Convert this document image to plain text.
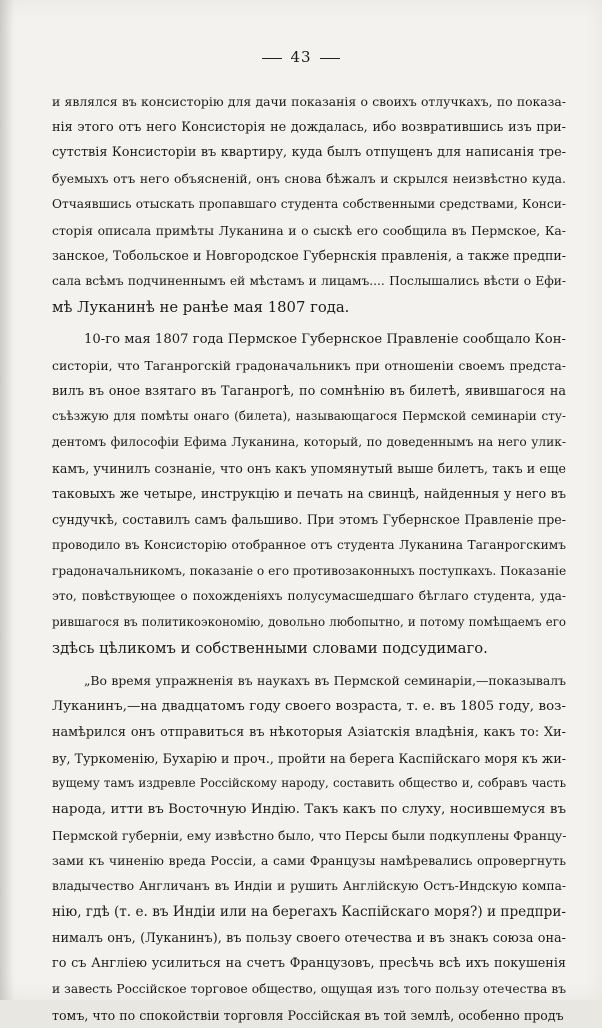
43

и являлся въ консисторію для дачи показанія о своихъ отлучкахъ, по показа-
нія этого отъ него Консисторія не дождалась, ибо возвратившись изъ при-
сутствія Консисторіи въ квартиру, куда былъ отпущенъ для написанія тре-
буемыхъ отъ него объясненій, онъ снова бѣжалъ и скрылся неизвѣстно куда.
Отчаявшись отыскать пропавшаго студента собственными средствами, Конси-
сторія описала примѣты Луканина и о сыскѣ его сообщила въ Пермское, Ка-
занское, Тобольское и Новгородское Губернскія правленія, а также предпи-
сала всѣмъ подчиненнымъ ей мѣстамъ и лицамъ.... Послышались вѣсти о Ефи-
мѣ Луканинѣ не ранѣе мая 1807 года.

10-го мая 1807 года Пермское Губернское Правленіе сообщало Кон-
систоріи, что Таганрогскій градоначальникъ при отношеніи своемъ предста-
вилъ въ оное взятаго въ Таганрогѣ, по сомнѣнію въ билетѣ, явившагося на
съѣзжую для помѣты онаго (билета), называющагося Пермской семинаріи сту-
дентомъ философіи Ефима Луканина, который, по доведеннымъ на него улик-
камъ, учинилъ сознаніе, что онъ какъ упомянутый выше билетъ, такъ и еще
таковыхъ же четыре, инструкцію и печать на свинцѣ, найденныя у него въ
сундучкѣ, составилъ самъ фальшиво. При этомъ Губернское Правленіе пре-
проводило въ Консисторію отобранное отъ студента Луканина Таганрогскимъ
градоначальникомъ, показаніе о его противозаконныхъ поступкахъ. Показаніе
это, повѣствующее о похожденіяхъ полусумасшедшаго бѣглаго студента, уда-
рившагося въ политикоэкономію, довольно любопытно, и потому помѣщаемъ его
здѣсь цѣликомъ и собственными словами подсудимаго.

„Во время упражненія въ наукахъ въ Пермской семинаріи,—показывалъ
Луканинъ,—на двадцатомъ году своего возраста, т. е. въ 1805 году, воз-
намѣрился онъ отправиться въ нѣкоторыя Азіатскія владѣнія, какъ то: Хи-
ву, Туркоменію, Бухарію и проч., пройти на берега Каспійскаго моря къ жи-
вущему тамъ издревле Россійскому народу, составить общество и, собравъ часть
народа, итти въ Восточную Индію. Такъ какъ по слуху, носившемуся въ
Пермской губерніи, ему извѣстно было, что Персы были подкуплены Францу-
зами къ чиненію вреда Россіи, а сами Французы намѣревались опровергнуть
владычество Англичанъ въ Индіи и рушить Англійскую Остъ-Индскую компа-
нію, гдѣ (т. е. въ Индіи или на берегахъ Каспійскаго моря?) и предпри-
нималъ онъ, (Луканинъ), въ пользу своего отечества и въ знакъ союза она-
го съ Англіею усилиться на счетъ Французовъ, пресѣчь всѣ ихъ покушенія
и завесть Россійское торговое общество, ощущая изъ того пользу отечества въ
томъ, что по спокойствіи торговля Россійская въ той землѣ, особенно продъ
